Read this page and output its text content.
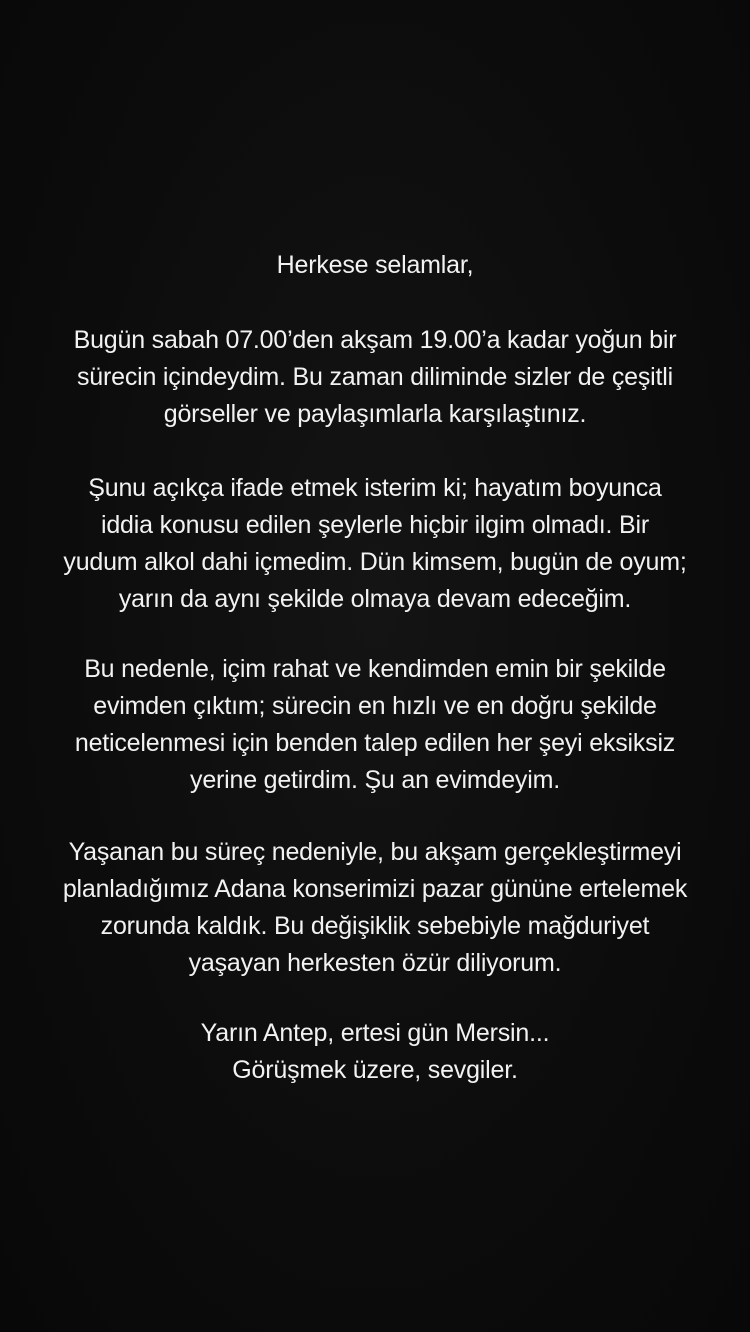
Herkese selamlar,
Bugün sabah 07.00’den akşam 19.00’a kadar yoğun bir
sürecin içindeydim. Bu zaman diliminde sizler de çeşitli
görseller ve paylaşımlarla karşılaştınız.
Şunu açıkça ifade etmek isterim ki; hayatım boyunca
iddia konusu edilen şeylerle hiçbir ilgim olmadı. Bir
yudum alkol dahi içmedim. Dün kimsem, bugün de oyum;
yarın da aynı şekilde olmaya devam edeceğim.
Bu nedenle, içim rahat ve kendimden emin bir şekilde
evimden çıktım; sürecin en hızlı ve en doğru şekilde
neticelenmesi için benden talep edilen her şeyi eksiksiz
yerine getirdim. Şu an evimdeyim.
Yaşanan bu süreç nedeniyle, bu akşam gerçekleştirmeyi
planladığımız Adana konserimizi pazar gününe ertelemek
zorunda kaldık. Bu değişiklik sebebiyle mağduriyet
yaşayan herkesten özür diliyorum.
Yarın Antep, ertesi gün Mersin...
Görüşmek üzere, sevgiler.
